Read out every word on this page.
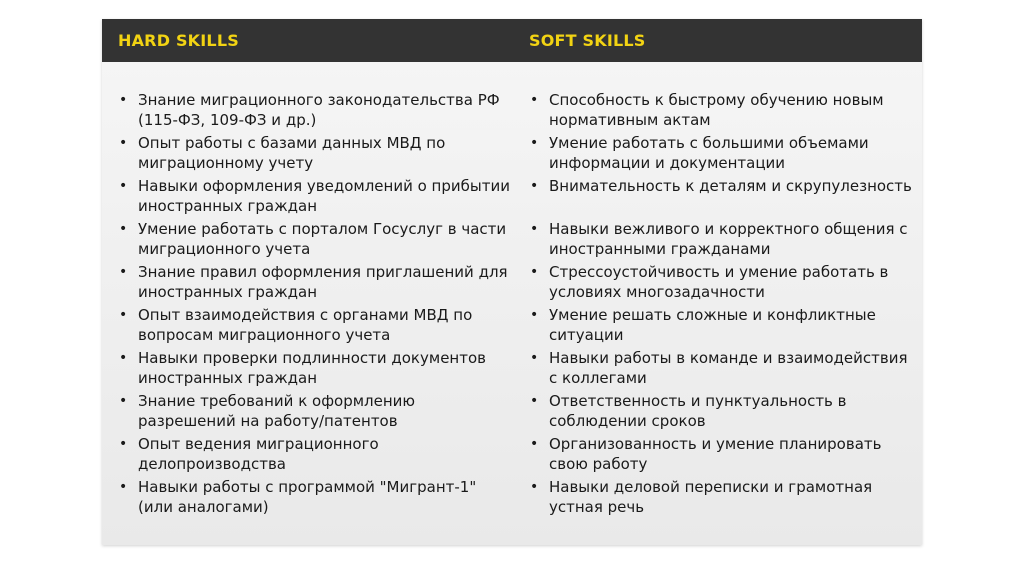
HARD SKILLS	SOFT SKILLS
• Знание миграционного законодательства РФ (115-ФЗ, 109-ФЗ и др.)
• Опыт работы с базами данных МВД по миграционному учету
• Навыки оформления уведомлений о прибытии иностранных граждан
• Умение работать с порталом Госуслуг в части миграционного учета
• Знание правил оформления приглашений для иностранных граждан
• Опыт взаимодействия с органами МВД по вопросам миграционного учета
• Навыки проверки подлинности документов иностранных граждан
• Знание требований к оформлению разрешений на работу/патентов
• Опыт ведения миграционного делопроизводства
• Навыки работы с программой "Мигрант-1" (или аналогами)
• Способность к быстрому обучению новым нормативным актам
• Умение работать с большими объемами информации и документации
• Внимательность к деталям и скрупулезность
• Навыки вежливого и корректного общения с иностранными гражданами
• Стрессоустойчивость и умение работать в условиях многозадачности
• Умение решать сложные и конфликтные ситуации
• Навыки работы в команде и взаимодействия с коллегами
• Ответственность и пунктуальность в соблюдении сроков
• Организованность и умение планировать свою работу
• Навыки деловой переписки и грамотная устная речь
